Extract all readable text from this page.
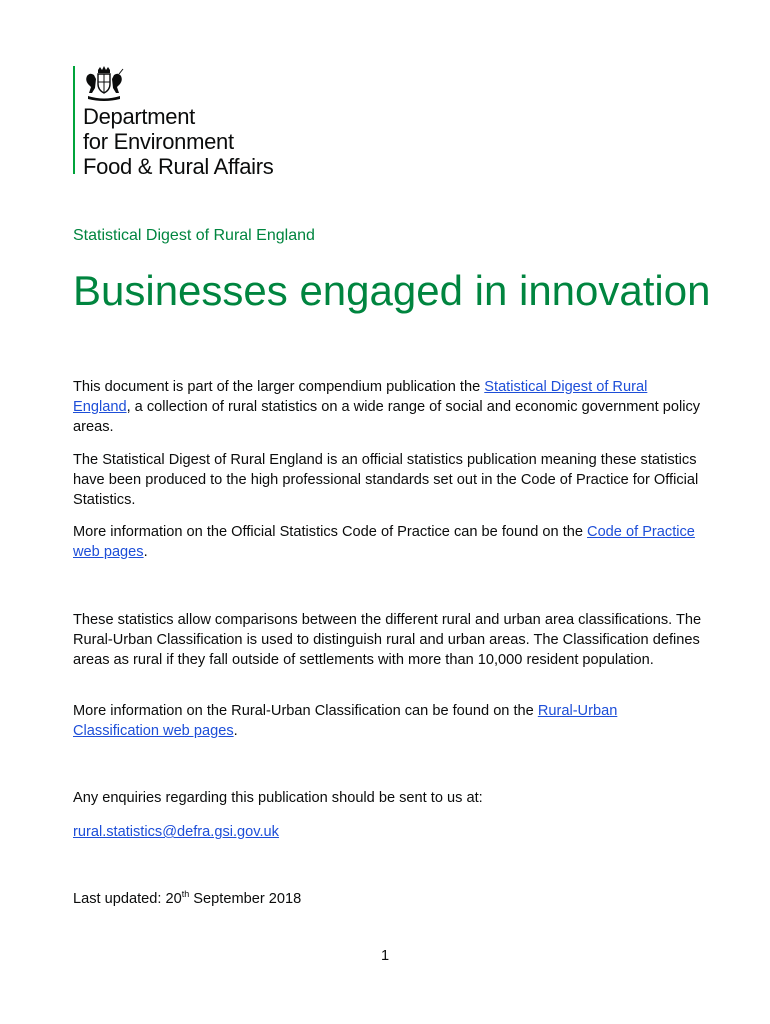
Department
for Environment
Food & Rural Affairs
Statistical Digest of Rural England
Businesses engaged in innovation

This document is part of the larger compendium publication the Statistical Digest of Rural England, a collection of rural statistics on a wide range of social and economic government policy areas.

The Statistical Digest of Rural England is an official statistics publication meaning these statistics have been produced to the high professional standards set out in the Code of Practice for Official Statistics.

More information on the Official Statistics Code of Practice can be found on the Code of Practice web pages.

These statistics allow comparisons between the different rural and urban area classifications. The Rural-Urban Classification is used to distinguish rural and urban areas. The Classification defines areas as rural if they fall outside of settlements with more than 10,000 resident population.

More information on the Rural-Urban Classification can be found on the Rural-Urban Classification web pages.

Any enquiries regarding this publication should be sent to us at:

rural.statistics@defra.gsi.gov.uk

Last updated: 20th September 2018

1
